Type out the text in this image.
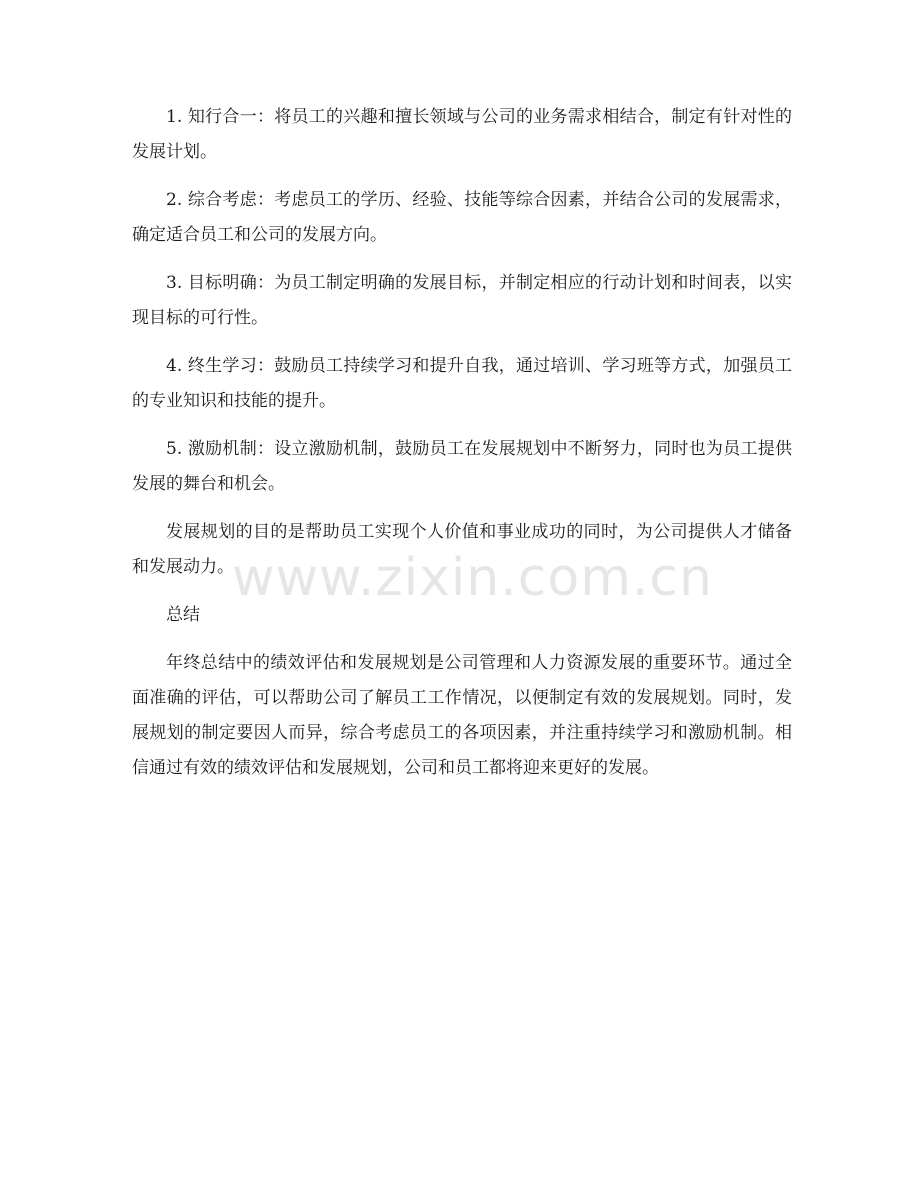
www.zixin.com.cn

1. 知行合一：将员工的兴趣和擅长领域与公司的业务需求相结合，制定有针对性的发展计划。

2. 综合考虑：考虑员工的学历、经验、技能等综合因素，并结合公司的发展需求，确定适合员工和公司的发展方向。

3. 目标明确：为员工制定明确的发展目标，并制定相应的行动计划和时间表，以实现目标的可行性。

4. 终生学习：鼓励员工持续学习和提升自我，通过培训、学习班等方式，加强员工的专业知识和技能的提升。

5. 激励机制：设立激励机制，鼓励员工在发展规划中不断努力，同时也为员工提供发展的舞台和机会。

发展规划的目的是帮助员工实现个人价值和事业成功的同时，为公司提供人才储备和发展动力。

总结

年终总结中的绩效评估和发展规划是公司管理和人力资源发展的重要环节。通过全面准确的评估，可以帮助公司了解员工工作情况，以便制定有效的发展规划。同时，发展规划的制定要因人而异，综合考虑员工的各项因素，并注重持续学习和激励机制。相信通过有效的绩效评估和发展规划，公司和员工都将迎来更好的发展。
